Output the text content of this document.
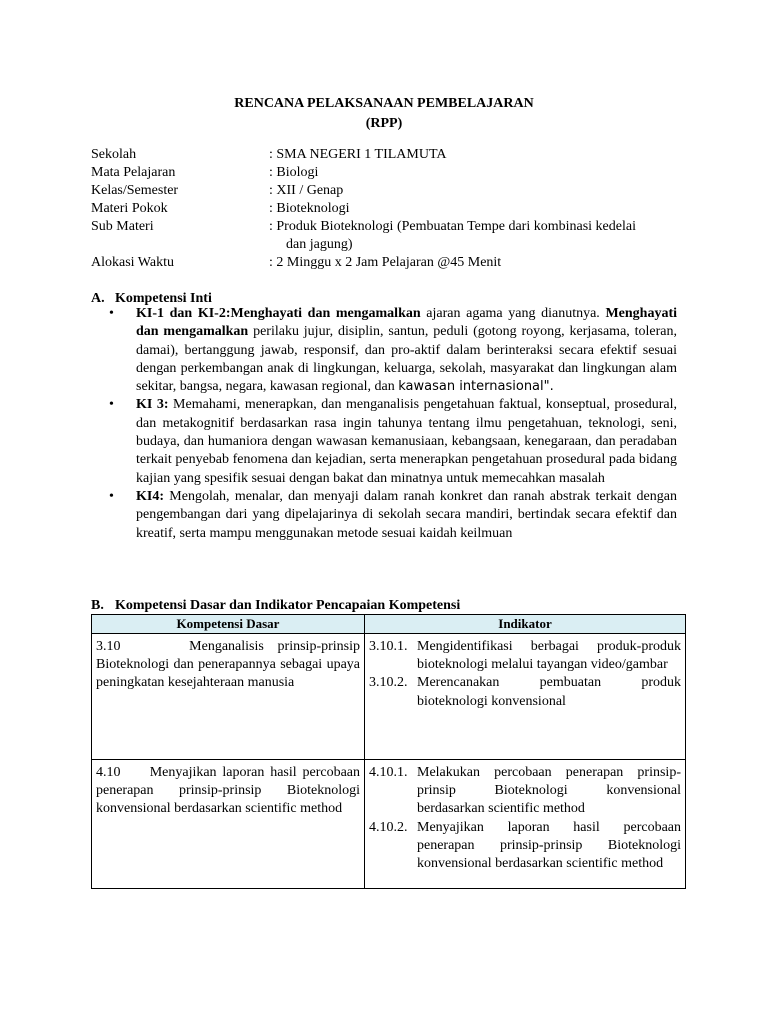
RENCANA PELAKSANAAN PEMBELAJARAN
(RPP)
Sekolah	: SMA NEGERI 1 TILAMUTA
Mata Pelajaran	: Biologi
Kelas/Semester	: XII / Genap
Materi Pokok	: Bioteknologi
Sub Materi	: Produk Bioteknologi (Pembuatan Tempe dari kombinasi kedelai
dan jagung)
Alokasi Waktu	: 2 Minggu x 2 Jam Pelajaran @45 Menit
A. Kompetensi Inti
•	KI-1 dan KI-2:Menghayati dan mengamalkan ajaran agama yang dianutnya. Menghayati dan mengamalkan perilaku jujur, disiplin, santun, peduli (gotong royong, kerjasama, toleran, damai), bertanggung jawab, responsif, dan pro-aktif dalam berinteraksi secara efektif sesuai dengan perkembangan anak di lingkungan, keluarga, sekolah, masyarakat dan lingkungan alam sekitar, bangsa, negara, kawasan regional, dan kawasan internasional".
•	KI 3: Memahami, menerapkan, dan menganalisis pengetahuan faktual, konseptual, prosedural, dan metakognitif berdasarkan rasa ingin tahunya tentang ilmu pengetahuan, teknologi, seni, budaya, dan humaniora dengan wawasan kemanusiaan, kebangsaan, kenegaraan, dan peradaban terkait penyebab fenomena dan kejadian, serta menerapkan pengetahuan prosedural pada bidang kajian yang spesifik sesuai dengan bakat dan minatnya untuk memecahkan masalah
•	KI4: Mengolah, menalar, dan menyaji dalam ranah konkret dan ranah abstrak terkait dengan pengembangan dari yang dipelajarinya di sekolah secara mandiri, bertindak secara efektif dan kreatif, serta mampu menggunakan metode sesuai kaidah keilmuan
B. Kompetensi Dasar dan Indikator Pencapaian Kompetensi
Kompetensi Dasar	Indikator

3.10 Menganalisis prinsip-prinsip Bioteknologi dan penerapannya sebagai upaya peningkatan kesejahteraan manusia	3.10.1. Mengidentifikasi berbagai produk-produk bioteknologi melalui tayangan video/gambar
3.10.2. Merencanakan pembuatan produk bioteknologi konvensional

4.10 Menyajikan laporan hasil percobaan penerapan prinsip-prinsip Bioteknologi konvensional berdasarkan scientific method	4.10.1. Melakukan percobaan penerapan prinsip-prinsip Bioteknologi konvensional berdasarkan scientific method
4.10.2. Menyajikan laporan hasil percobaan penerapan prinsip-prinsip Bioteknologi konvensional berdasarkan scientific method
